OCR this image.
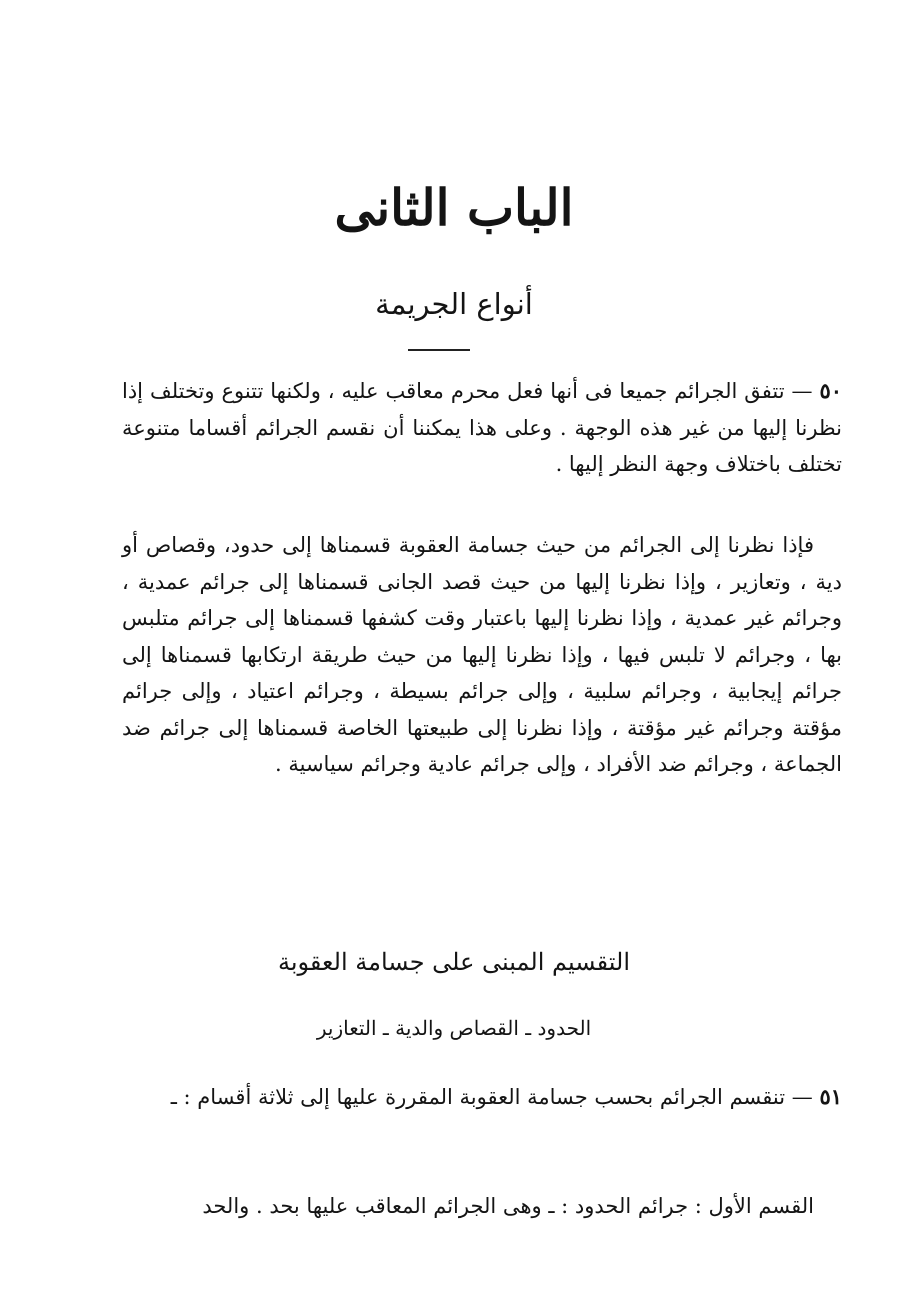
الباب الثانى
أنواع الجريمة

٥٠ — تتفق الجرائم جميعا فى أنها فعل محرم معاقب عليه ، ولكنها تتنوع وتختلف إذا نظرنا إليها من غير هذه الوجهة . وعلى هذا يمكننا أن نقسم الجرائم أقساما متنوعة تختلف باختلاف وجهة النظر إليها .

فإذا نظرنا إلى الجرائم من حيث جسامة العقوبة قسمناها إلى حدود، وقصاص أو دية ، وتعازير ، وإذا نظرنا إليها من حيث قصد الجانى قسمناها إلى جرائم عمدية ، وجرائم غير عمدية ، وإذا نظرنا إليها باعتبار وقت كشفها قسمناها إلى جرائم متلبس بها ، وجرائم لا تلبس فيها ، وإذا نظرنا إليها من حيث طريقة ارتكابها قسمناها إلى جرائم إيجابية ، وجرائم سلبية ، وإلى جرائم بسيطة ، وجرائم اعتياد ، وإلى جرائم مؤقتة وجرائم غير مؤقتة ، وإذا نظرنا إلى طبيعتها الخاصة قسمناها إلى جرائم ضد الجماعة ، وجرائم ضد الأفراد ، وإلى جرائم عادية وجرائم سياسية .

التقسيم المبنى على جسامة العقوبة
الحدود ـ القصاص والدية ـ التعازير

٥١ — تنقسم الجرائم بحسب جسامة العقوبة المقررة عليها إلى ثلاثة أقسام : ـ

القسم الأول : جرائم الحدود : ـ وهى الجرائم المعاقب عليها بحد . والحد
